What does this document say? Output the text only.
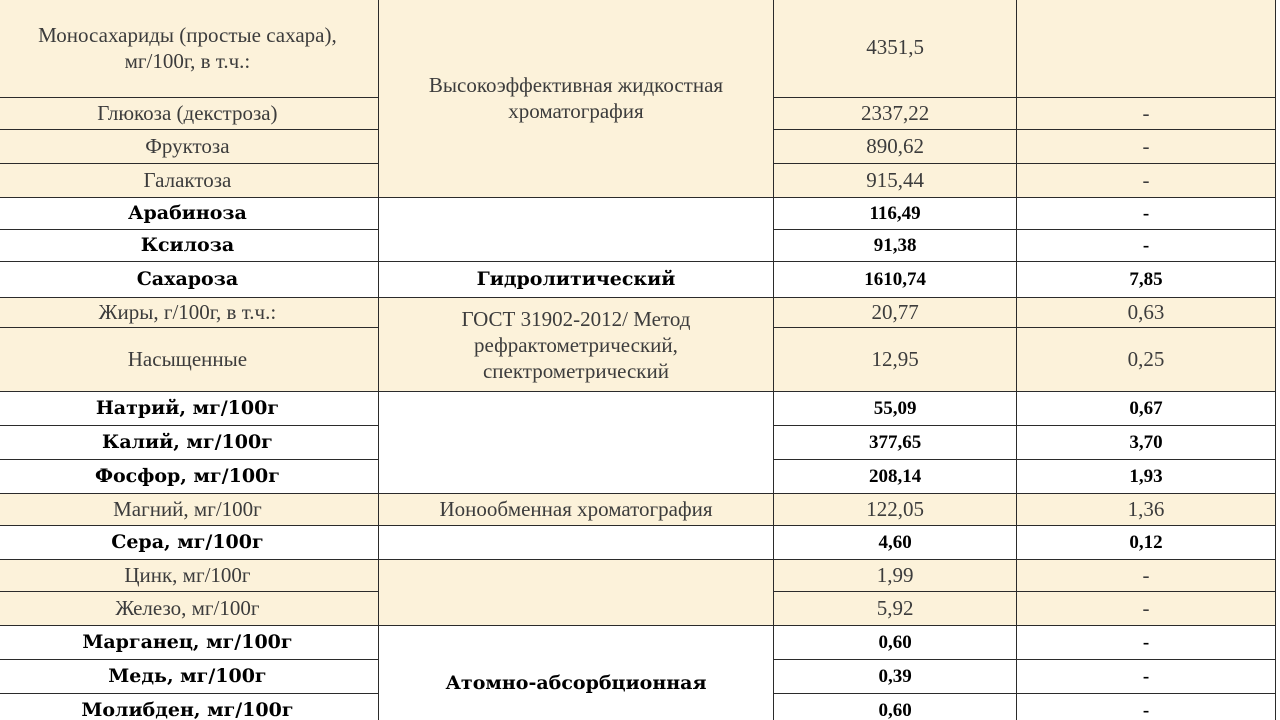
Моносахариды (простые сахара), мг/100г, в т.ч.:	Высокоэффективная жидкостная хроматография	4351,5	
Глюкоза (декстроза)		2337,22	-
Фруктоза		890,62	-
Галактоза		915,44	-
Арабиноза		116,49	-
Ксилоза		91,38	-
Сахароза	Гидролитический	1610,74	7,85
Жиры, г/100г, в т.ч.:	ГОСТ 31902-2012/ Метод рефрактометрический, спектрометрический	20,77	0,63
Насыщенные		12,95	0,25
Натрий, мг/100г		55,09	0,67
Калий, мг/100г		377,65	3,70
Фосфор, мг/100г		208,14	1,93
Магний, мг/100г	Ионообменная хроматография	122,05	1,36
Сера, мг/100г		4,60	0,12
Цинк, мг/100г		1,99	-
Железо, мг/100г		5,92	-
Марганец, мг/100г	Атомно-абсорбционная	0,60	-
Медь, мг/100г		0,39	-
Молибден, мг/100г		0,60	-
